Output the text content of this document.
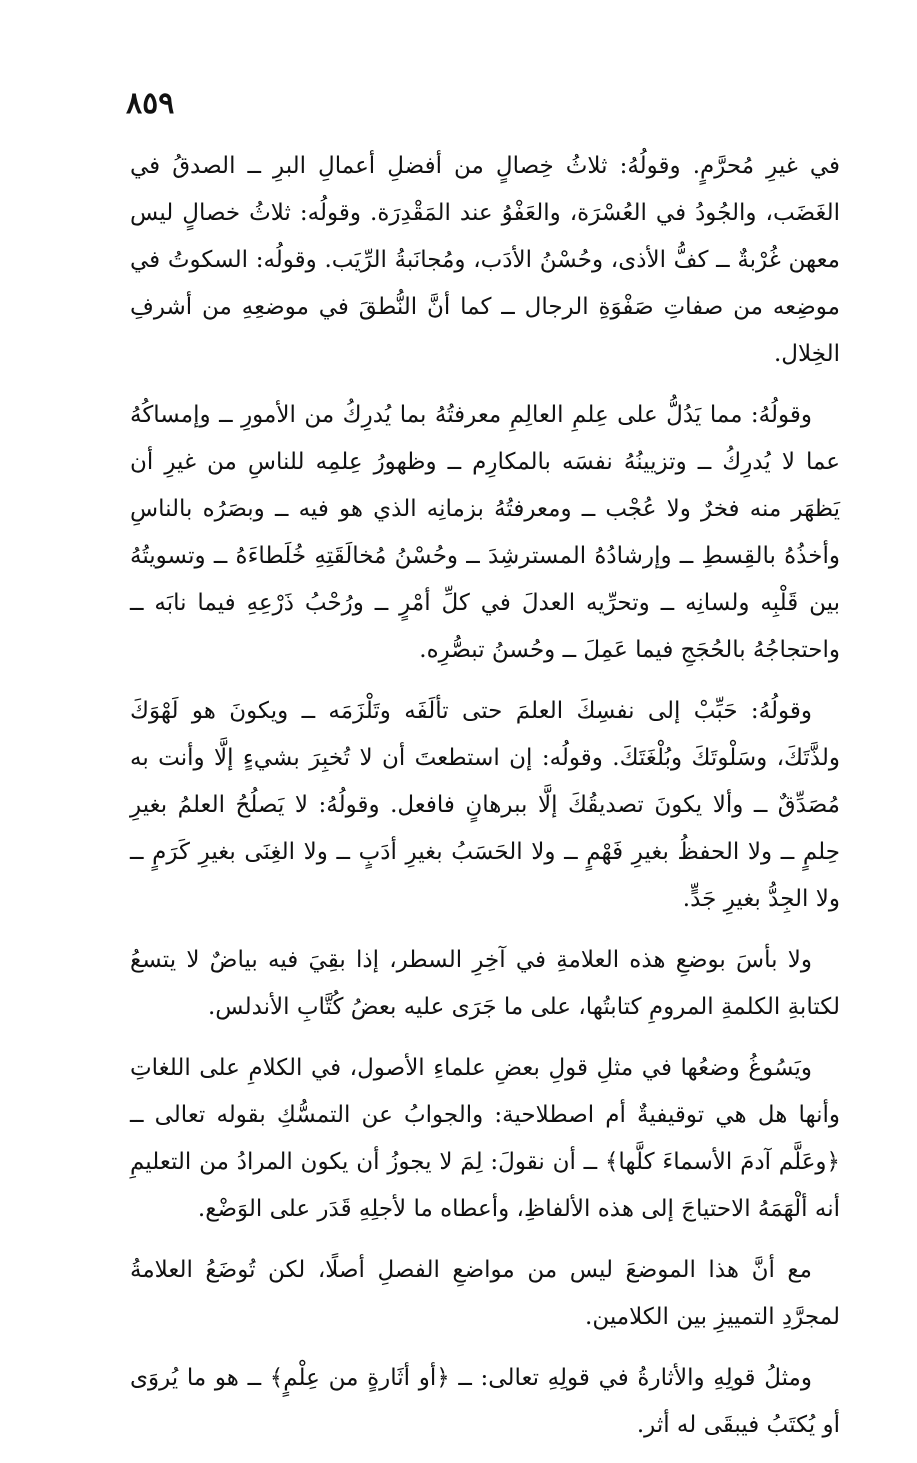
٨٥٩

في غيرِ مُحرَّمٍ. وقولُهُ: ثلاثُ خِصالٍ من أفضلِ أعمالِ البرِ ــ الصدقُ في الغَضَب، والجُودُ في العُسْرَة، والعَفْوُ عند المَقْدِرَة. وقولُه: ثلاثُ خصالٍ ليس معهن غُرْبةٌ ــ كفُّ الأذى، وحُسْنُ الأدَب، ومُجانَبةُ الرِّيَب. وقولُه: السكوتُ في موضِعه من صفاتِ صَفْوَةِ الرجال ــ كما أنَّ النُّطقَ في موضعِهِ من أشرفِ الخِلال.

وقولُهُ: مما يَدُلُّ على عِلمِ العالِمِ معرفتُهُ بما يُدرِكُ من الأمورِ ــ وإمساكُهُ عما لا يُدرِكُ ــ وتزيينُهُ نفسَه بالمكارِم ــ وظهورُ عِلمِه للناسِ من غيرِ أن يَظهَر منه فخرٌ ولا عُجْب ــ ومعرفتُهُ بزمانِه الذي هو فيه ــ وبصَرُه بالناسِ وأخذُهُ بالقِسطِ ــ وإرشادُهُ المسترشِدَ ــ وحُسْنُ مُخالَقَتِهِ خُلَطاءَهُ ــ وتسويتُهُ بين قَلْبِه ولسانِه ــ وتحرِّيه العدلَ في كلِّ أمْرٍ ــ ورُحْبُ ذَرْعِهِ فيما نابَه ــ واحتجاجُهُ بالحُجَجِ فيما عَمِلَ ــ وحُسنُ تبصُّرِه.

وقولُهُ: حَبِّبْ إلى نفسِكَ العلمَ حتى تألَفَه وتَلْزَمَه ــ ويكونَ هو لَهْوَكَ ولذَّتَكَ، وسَلْوتَكَ وبُلْغَتَكَ. وقولُه: إن استطعتَ أن لا تُخبِرَ بشيءٍ إلَّا وأنت به مُصَدِّقٌ ــ وألا يكونَ تصديقُكَ إلَّا ببرهانٍ فافعل. وقولُهُ: لا يَصلُحُ العلمُ بغيرِ حِلمٍ ــ ولا الحفظُ بغيرِ فَهْمٍ ــ ولا الحَسَبُ بغيرِ أدَبٍ ــ ولا الغِنَى بغيرِ كَرَمٍ ــ ولا الجِدُّ بغيرِ جَدٍّ.

ولا بأسَ بوضعِ هذه العلامةِ في آخِرِ السطر، إذا بقِيَ فيه بياضٌ لا يتسعُ لكتابةِ الكلمةِ المرومِ كتابتُها، على ما جَرَى عليه بعضُ كُتَّابِ الأندلس.

ويَسُوغُ وضعُها في مثلِ قولِ بعضِ علماءِ الأصول، في الكلامِ على اللغاتِ وأنها هل هي توقيفيةٌ أم اصطلاحية: والجوابُ عن التمسُّكِ بقوله تعالى ــ ﴿وعَلَّم آدمَ الأسماءَ كلَّها﴾ ــ أن نقولَ: لِمَ لا يجوزُ أن يكون المرادُ من التعليمِ أنه ألْهَمَهُ الاحتياجَ إلى هذه الألفاظِ، وأعطاه ما لأجلِهِ قَدَر على الوَضْع.

مع أنَّ هذا الموضعَ ليس من مواضعِ الفصلِ أصلًا، لكن تُوضَعُ العلامةُ لمجرَّدِ التمييزِ بين الكلامين.

ومثلُ قولِهِ والأثارةُ في قولِهِ تعالى: ــ ﴿أو أثَارةٍ من عِلْمٍ﴾ ــ هو ما يُروَى أو يُكتَبُ فيبقَى له أثر.
